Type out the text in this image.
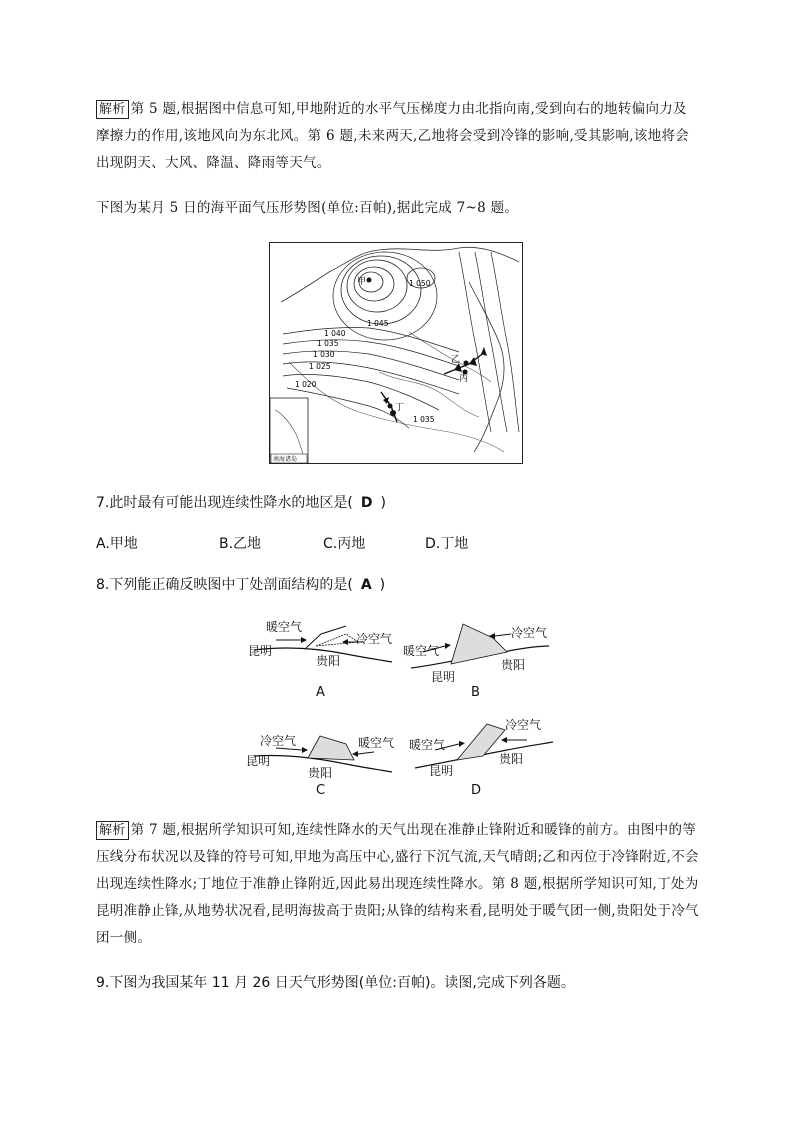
解析 第 5 题,根据图中信息可知,甲地附近的水平气压梯度力由北指向南,受到向右的地转偏向力及摩擦力的作用,该地风向为东北风。第 6 题,未来两天,乙地将会受到冷锋的影响,受其影响,该地将会出现阴天、大风、降温、降雨等天气。
下图为某月 5 日的海平面气压形势图(单位:百帕),据此完成 7~8 题。
甲
乙
丙
丁
1 050
1 045
1 040
1 035
1 030
1 025
1 020
1 035
南海诸岛
7.此时最有可能出现连续性降水的地区是( D )
A.甲地	B.乙地	C.丙地	D.丁地
8.下列能正确反映图中丁处剖面结构的是( A )
暖空气
冷空气
昆明
贵阳
A
暖空气
冷空气
昆明
贵阳
B
冷空气	暖空气
昆明
贵阳
C
暖空气
冷空气
昆明
贵阳
D
解析 第 7 题,根据所学知识可知,连续性降水的天气出现在准静止锋附近和暖锋的前方。由图中的等压线分布状况以及锋的符号可知,甲地为高压中心,盛行下沉气流,天气晴朗;乙和丙位于冷锋附近,不会出现连续性降水;丁地位于准静止锋附近,因此易出现连续性降水。第 8 题,根据所学知识可知,丁处为昆明准静止锋,从地势状况看,昆明海拔高于贵阳;从锋的结构来看,昆明处于暖气团一侧,贵阳处于冷气团一侧。
9.下图为我国某年 11 月 26 日天气形势图(单位:百帕)。读图,完成下列各题。
